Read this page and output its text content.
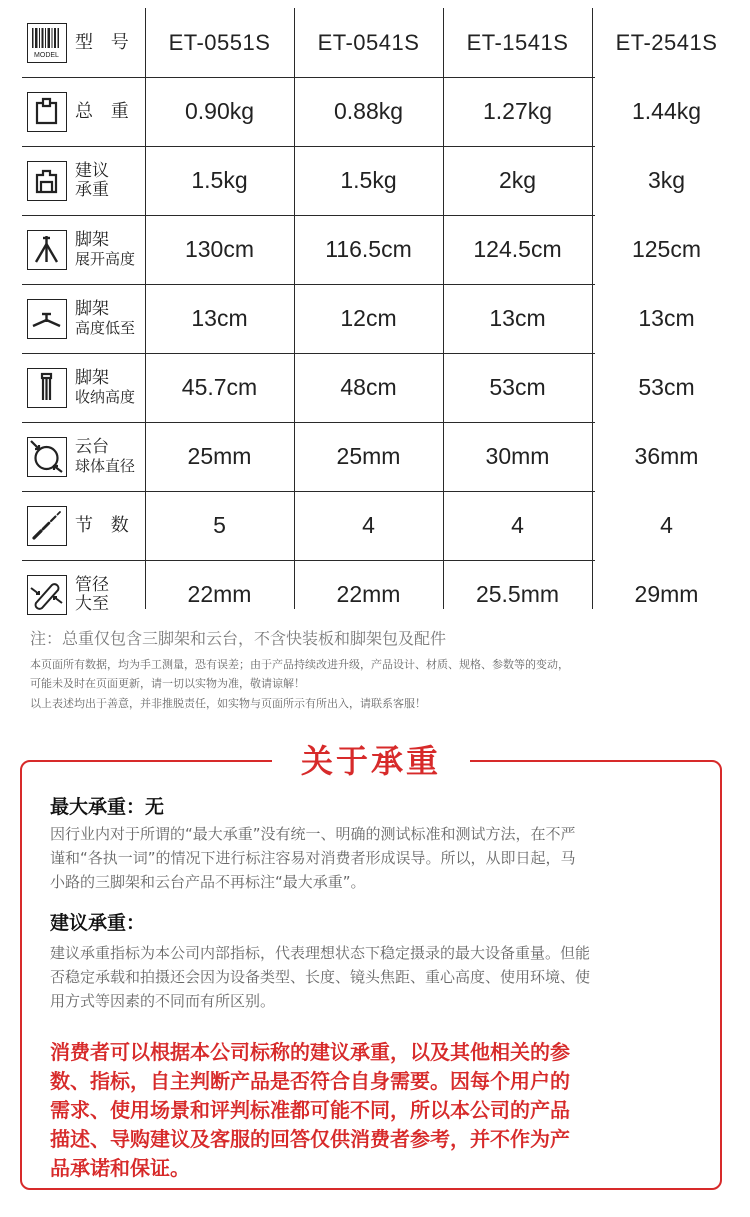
MODEL
型 号	ET-0551S	ET-0541S	ET-1541S	ET-2541S
总 重	0.90kg	0.88kg	1.27kg	1.44kg
建议
承重	1.5kg	1.5kg	2kg	3kg
脚架
展开高度	130cm	116.5cm	124.5cm	125cm
脚架
高度低至	13cm	12cm	13cm	13cm
脚架
收纳高度	45.7cm	48cm	53cm	53cm
云台
球体直径	25mm	25mm	30mm	36mm
节 数	5	4	4	4
管径
大至	22mm	22mm	25.5mm	29mm
注：总重仅包含三脚架和云台，不含快装板和脚架包及配件
本页面所有数据，均为手工测量，恐有误差；由于产品持续改进升级，产品设计、材质、规格、参数等的变动，
可能未及时在页面更新，请一切以实物为准，敬请谅解！
以上表述均出于善意，并非推脱责任，如实物与页面所示有所出入，请联系客服！
关于承重
最大承重：无
因行业内对于所谓的“最大承重”没有统一、明确的测试标准和测试方法，在不严
谨和“各执一词”的情况下进行标注容易对消费者形成误导。所以，从即日起，马
小路的三脚架和云台产品不再标注“最大承重”。
建议承重：
建议承重指标为本公司内部指标，代表理想状态下稳定摄录的最大设备重量。但能
否稳定承载和拍摄还会因为设备类型、长度、镜头焦距、重心高度、使用环境、使
用方式等因素的不同而有所区别。
消费者可以根据本公司标称的建议承重，以及其他相关的参
数、指标，自主判断产品是否符合自身需要。因每个用户的
需求、使用场景和评判标准都可能不同，所以本公司的产品
描述、导购建议及客服的回答仅供消费者参考，并不作为产
品承诺和保证。
